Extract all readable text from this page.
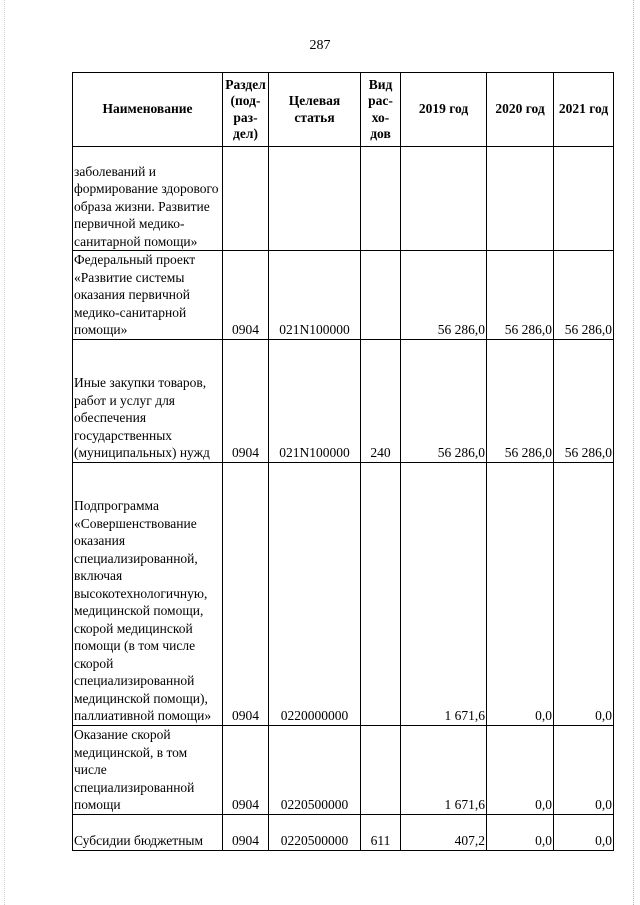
287
Наименование	Раздел (под-раз-дел)	Целевая статья	Вид рас-хо-дов	2019 год	2020 год	2021 год
заболеваний и формирование здорового образа жизни. Развитие первичной медико-санитарной помощи»						
Федеральный проект «Развитие системы оказания первичной медико-санитарной помощи»	0904	021N100000		56 286,0	56 286,0	56 286,0
Иные закупки товаров, работ и услуг для обеспечения государственных (муниципальных) нужд	0904	021N100000	240	56 286,0	56 286,0	56 286,0
Подпрограмма «Совершенствование оказания специализированной, включая высокотехнологичную, медицинской помощи, скорой медицинской помощи (в том числе скорой специализированной медицинской помощи), паллиативной помощи»	0904	0220000000		1 671,6	0,0	0,0
Оказание скорой медицинской, в том числе специализированной помощи	0904	0220500000		1 671,6	0,0	0,0
Субсидии бюджетным	0904	0220500000	611	407,2	0,0	0,0
